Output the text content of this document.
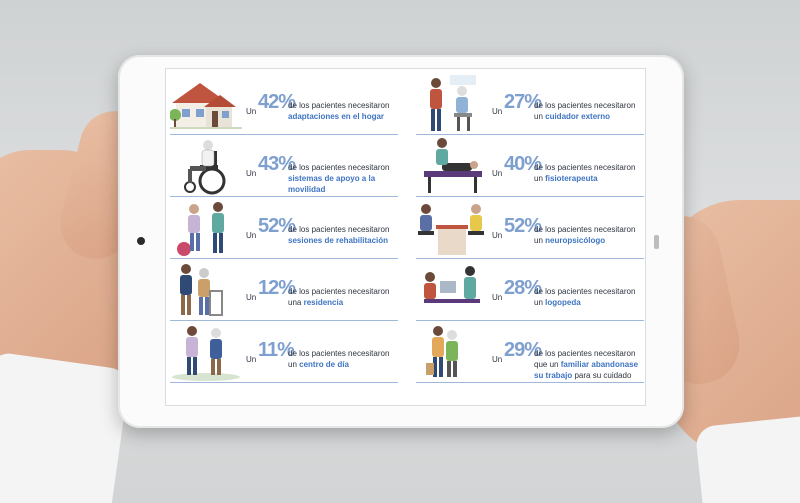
Un 42%
de los pacientes necesitaron adaptaciones en el hogar
Un 43%
de los pacientes necesitaron sistemas de apoyo a la movilidad
Un 52%
de los pacientes necesitaron sesiones de rehabilitación
Un 12%
de los pacientes necesitaron una residencia
Un 11%
de los pacientes necesitaron un centro de día
Un 27%
de los pacientes necesitaron un cuidador externo
Un 40%
de los pacientes necesitaron un fisioterapeuta
Un 52%
de los pacientes necesitaron un neuropsicólogo
Un 28%
de los pacientes necesitaron un logopeda
Un 29%
de los pacientes necesitaron que un familiar abandonase su trabajo para su cuidado
